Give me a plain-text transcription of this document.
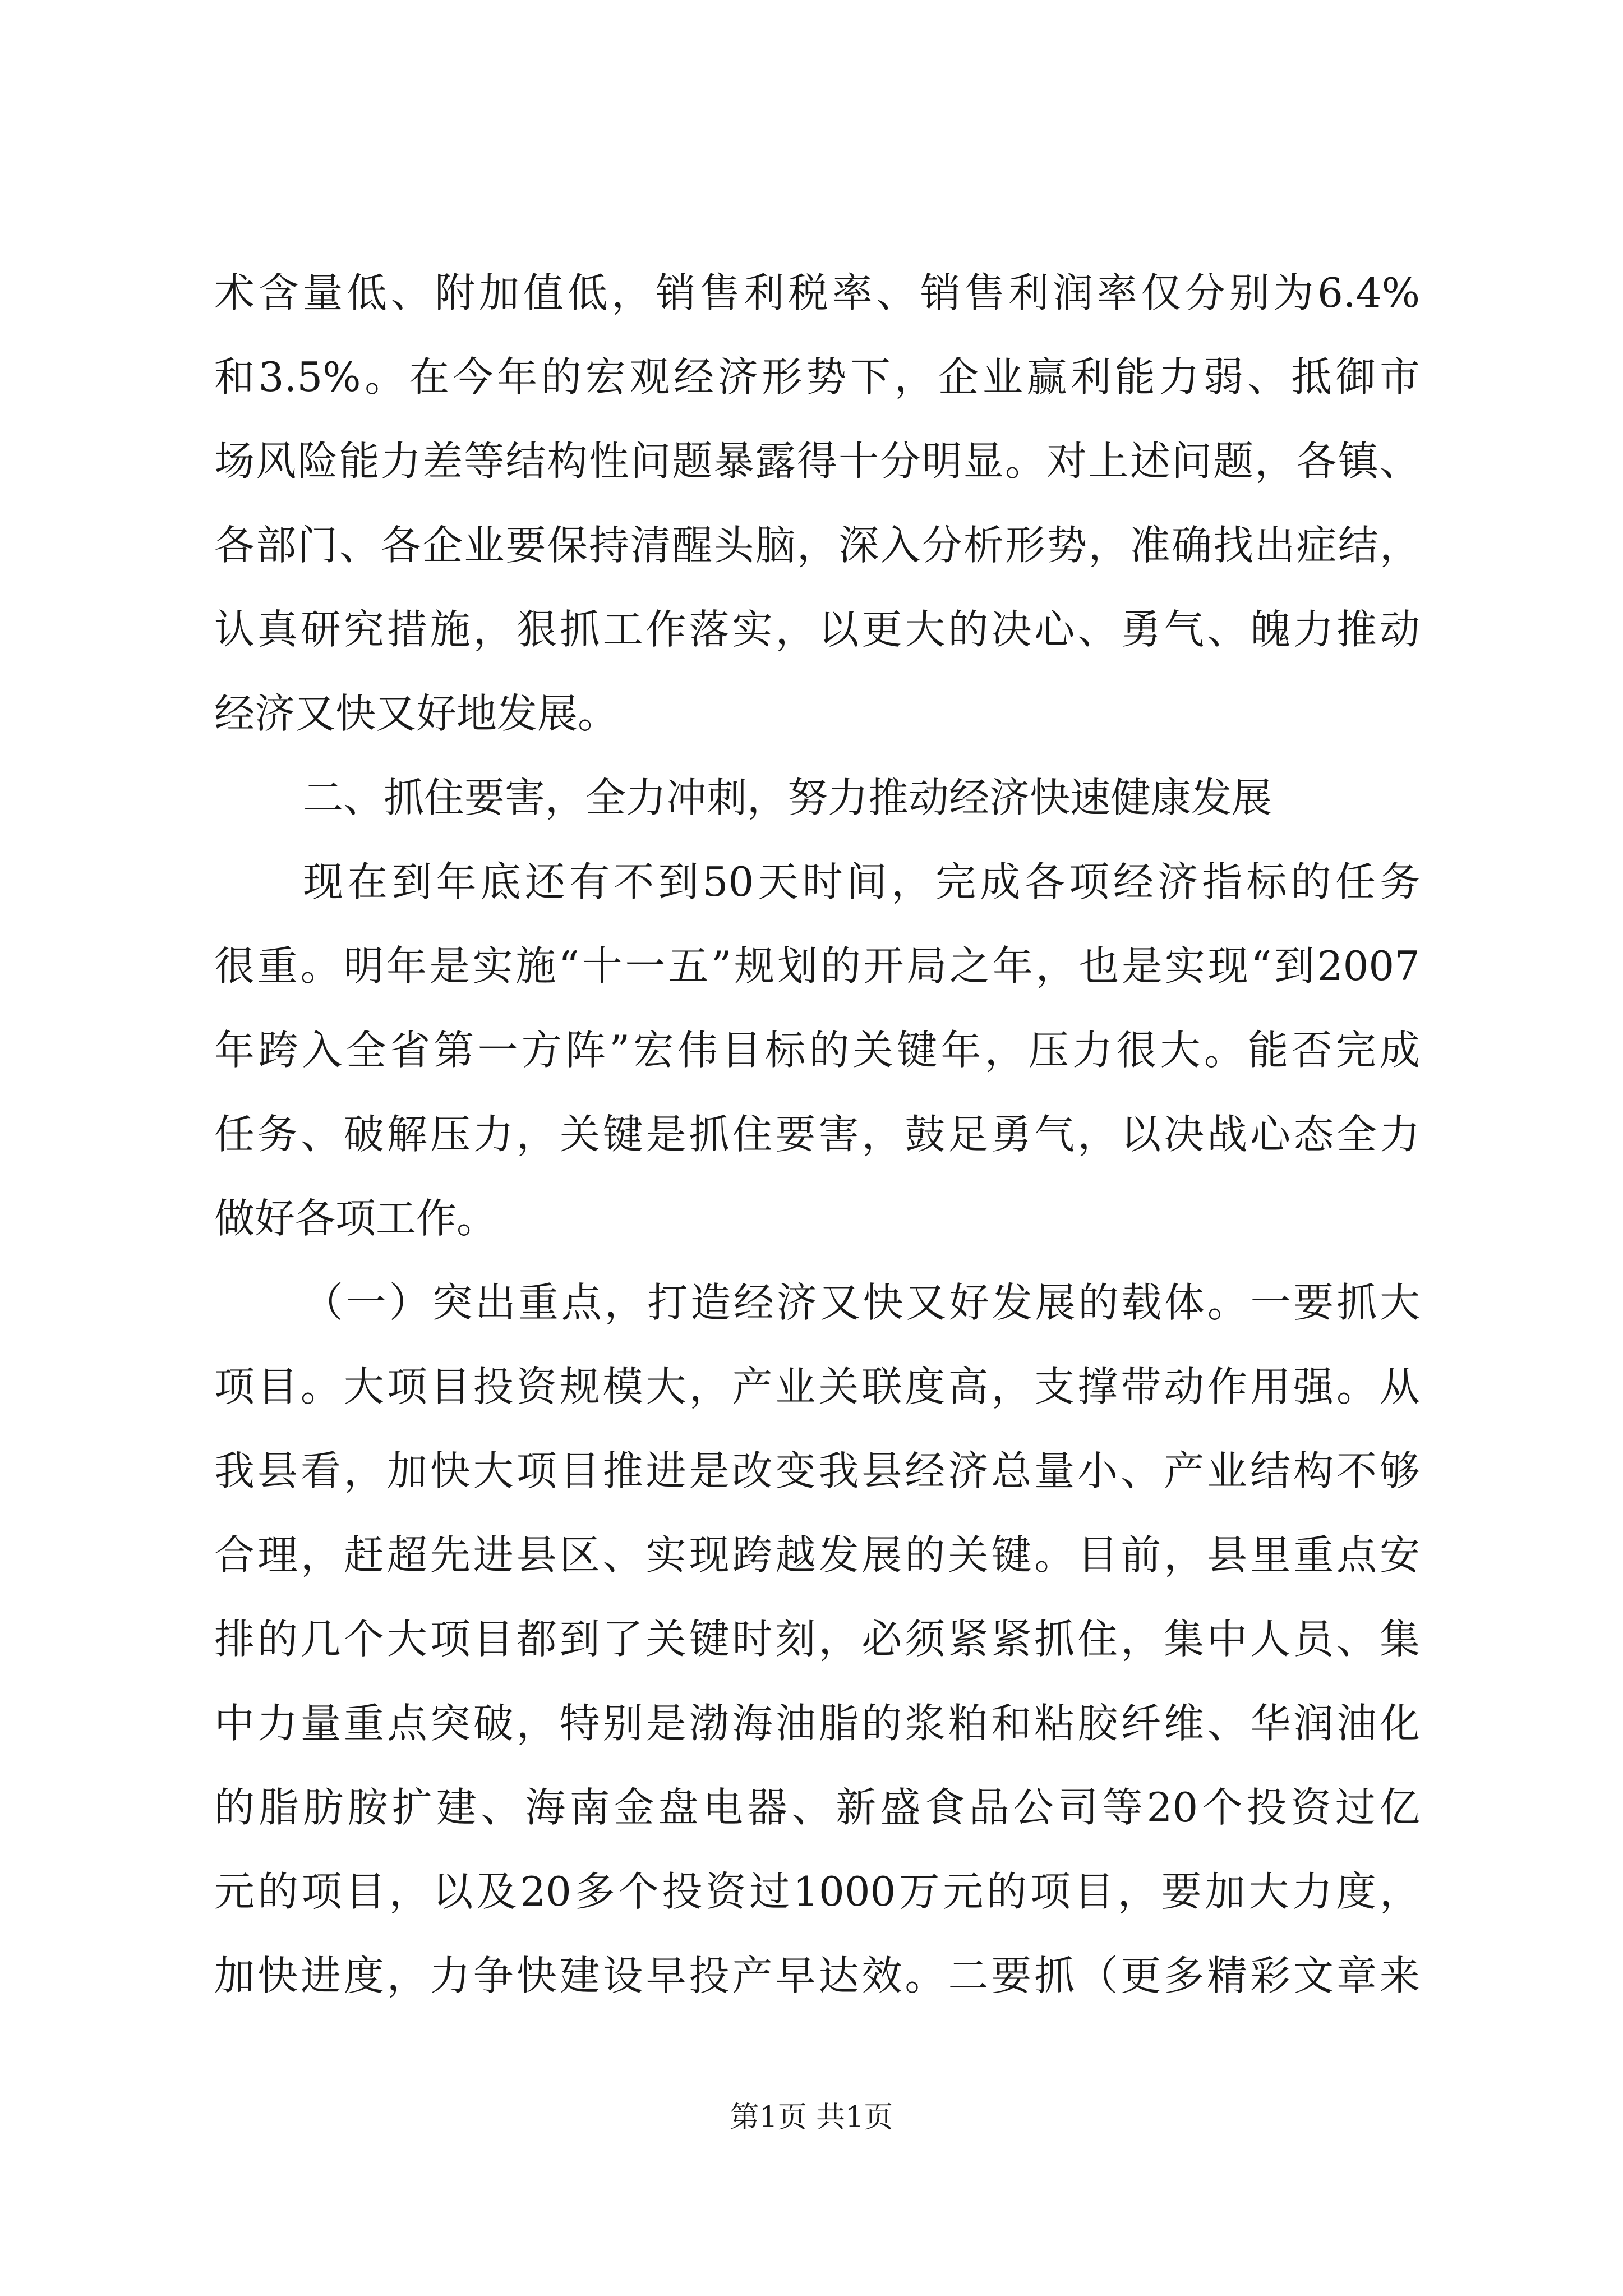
术含量低、附加值低，销售利税率、销售利润率仅分别为6.4%
和3.5%。在今年的宏观经济形势下，企业赢利能力弱、抵御市
场风险能力差等结构性问题暴露得十分明显。对上述问题，各镇、
各部门、各企业要保持清醒头脑，深入分析形势，准确找出症结，
认真研究措施，狠抓工作落实，以更大的决心、勇气、魄力推动
经济又快又好地发展。
二、抓住要害，全力冲刺，努力推动经济快速健康发展
现在到年底还有不到50天时间，完成各项经济指标的任务
很重。明年是实施“十一五”规划的开局之年，也是实现“到2007
年跨入全省第一方阵”宏伟目标的关键年，压力很大。能否完成
任务、破解压力，关键是抓住要害，鼓足勇气，以决战心态全力
做好各项工作。
（一）突出重点，打造经济又快又好发展的载体。一要抓大
项目。大项目投资规模大，产业关联度高，支撑带动作用强。从
我县看，加快大项目推进是改变我县经济总量小、产业结构不够
合理，赶超先进县区、实现跨越发展的关键。目前，县里重点安
排的几个大项目都到了关键时刻，必须紧紧抓住，集中人员、集
中力量重点突破，特别是渤海油脂的浆粕和粘胶纤维、华润油化
的脂肪胺扩建、海南金盘电器、新盛食品公司等20个投资过亿
元的项目，以及20多个投资过1000万元的项目，要加大力度，
加快进度，力争快建设早投产早达效。二要抓（更多精彩文章来
第1页 共1页
